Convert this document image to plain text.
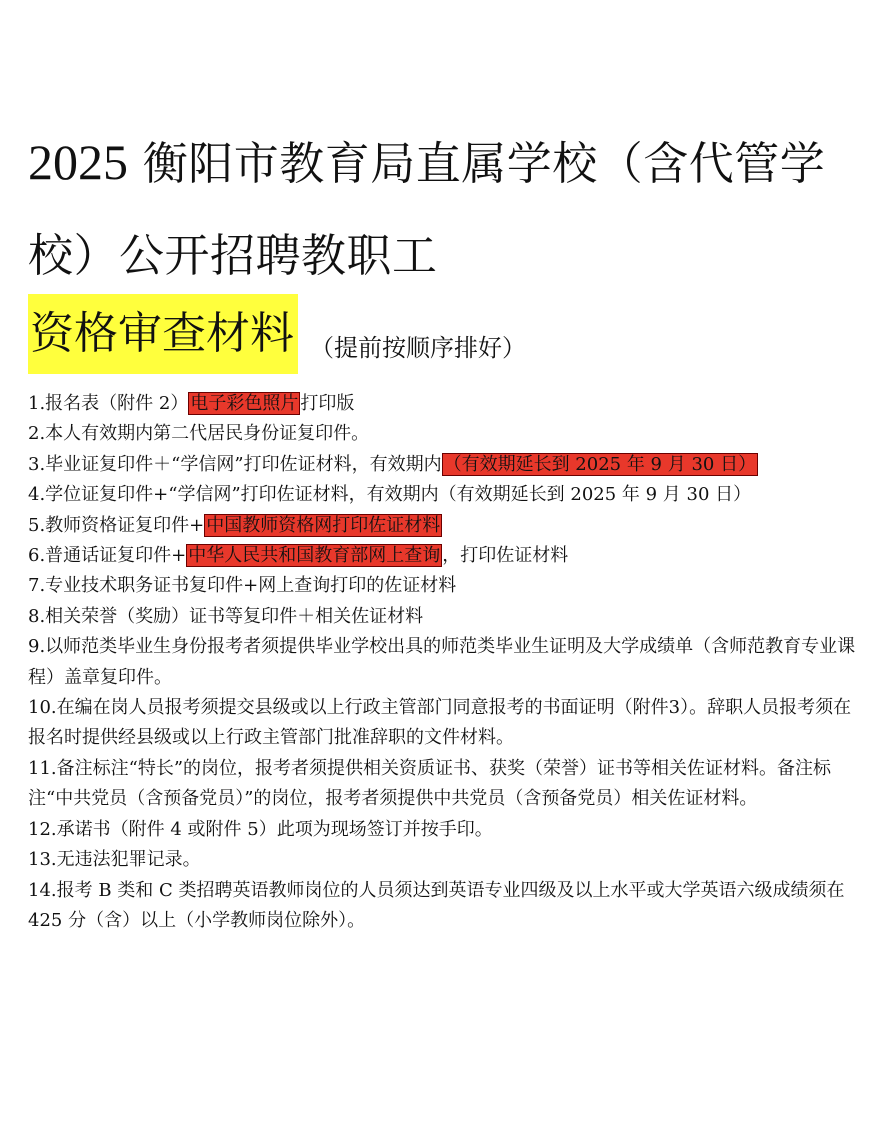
2025 衡阳市教育局直属学校（含代管学校）公开招聘教职工
资格审查材料 （提前按顺序排好）
1.报名表（附件 2） 电子彩色照片 打印版
2.本人有效期内第二代居民身份证复印件。
3.毕业证复印件＋“学信网”打印佐证材料，有效期内 （有效期延长到 2025 年 9 月 30 日）
4.学位证复印件+“学信网”打印佐证材料，有效期内（有效期延长到 2025 年 9 月 30 日）
5.教师资格证复印件+ 中国教师资格网打印佐证材料
6.普通话证复印件+ 中华人民共和国教育部网上查询 ，打印佐证材料
7.专业技术职务证书复印件+网上查询打印的佐证材料
8.相关荣誉（奖励）证书等复印件＋相关佐证材料
9.以师范类毕业生身份报考者须提供毕业学校出具的师范类毕业生证明及大学成绩单（含师范教育专业课程）盖章复印件。
10.在编在岗人员报考须提交县级或以上行政主管部门同意报考的书面证明（附件3）。辞职人员报考须在报名时提供经县级或以上行政主管部门批准辞职的文件材料。
11.备注标注“特长”的岗位，报考者须提供相关资质证书、获奖（荣誉）证书等相关佐证材料。备注标注“中共党员（含预备党员）”的岗位，报考者须提供中共党员（含预备党员）相关佐证材料。
12.承诺书（附件 4 或附件 5）此项为现场签订并按手印。
13.无违法犯罪记录。
14.报考 B 类和 C 类招聘英语教师岗位的人员须达到英语专业四级及以上水平或大学英语六级成绩须在 425 分（含）以上（小学教师岗位除外）。
